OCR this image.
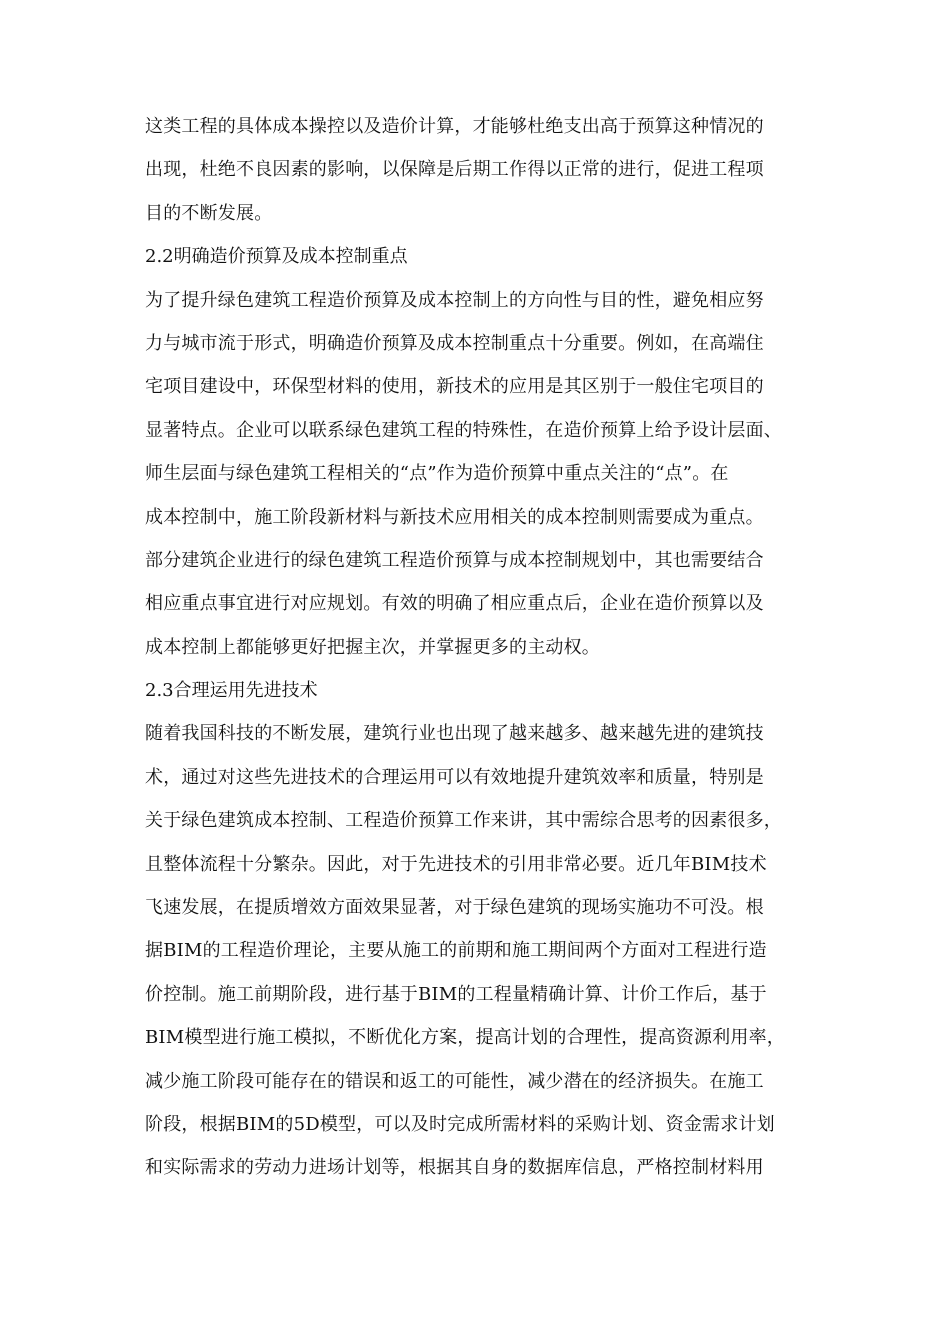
这类工程的具体成本操控以及造价计算，才能够杜绝支出高于预算这种情况的
出现，杜绝不良因素的影响，以保障是后期工作得以正常的进行，促进工程项
目的不断发展。
2.2明确造价预算及成本控制重点
为了提升绿色建筑工程造价预算及成本控制上的方向性与目的性，避免相应努
力与城市流于形式，明确造价预算及成本控制重点十分重要。例如，在高端住
宅项目建设中，环保型材料的使用，新技术的应用是其区别于一般住宅项目的
显著特点。企业可以联系绿色建筑工程的特殊性，在造价预算上给予设计层面、
师生层面与绿色建筑工程相关的“点”作为造价预算中重点关注的“点”。在
成本控制中，施工阶段新材料与新技术应用相关的成本控制则需要成为重点。
部分建筑企业进行的绿色建筑工程造价预算与成本控制规划中，其也需要结合
相应重点事宜进行对应规划。有效的明确了相应重点后，企业在造价预算以及
成本控制上都能够更好把握主次，并掌握更多的主动权。
2.3合理运用先进技术
随着我国科技的不断发展，建筑行业也出现了越来越多、越来越先进的建筑技
术，通过对这些先进技术的合理运用可以有效地提升建筑效率和质量，特别是
关于绿色建筑成本控制、工程造价预算工作来讲，其中需综合思考的因素很多，
且整体流程十分繁杂。因此，对于先进技术的引用非常必要。近几年BIM技术
飞速发展，在提质增效方面效果显著，对于绿色建筑的现场实施功不可没。根
据BIM的工程造价理论，主要从施工的前期和施工期间两个方面对工程进行造
价控制。施工前期阶段，进行基于BIM的工程量精确计算、计价工作后，基于
BIM模型进行施工模拟，不断优化方案，提高计划的合理性，提高资源利用率，
减少施工阶段可能存在的错误和返工的可能性，减少潜在的经济损失。在施工
阶段，根据BIM的5D模型，可以及时完成所需材料的采购计划、资金需求计划
和实际需求的劳动力进场计划等，根据其自身的数据库信息，严格控制材料用
